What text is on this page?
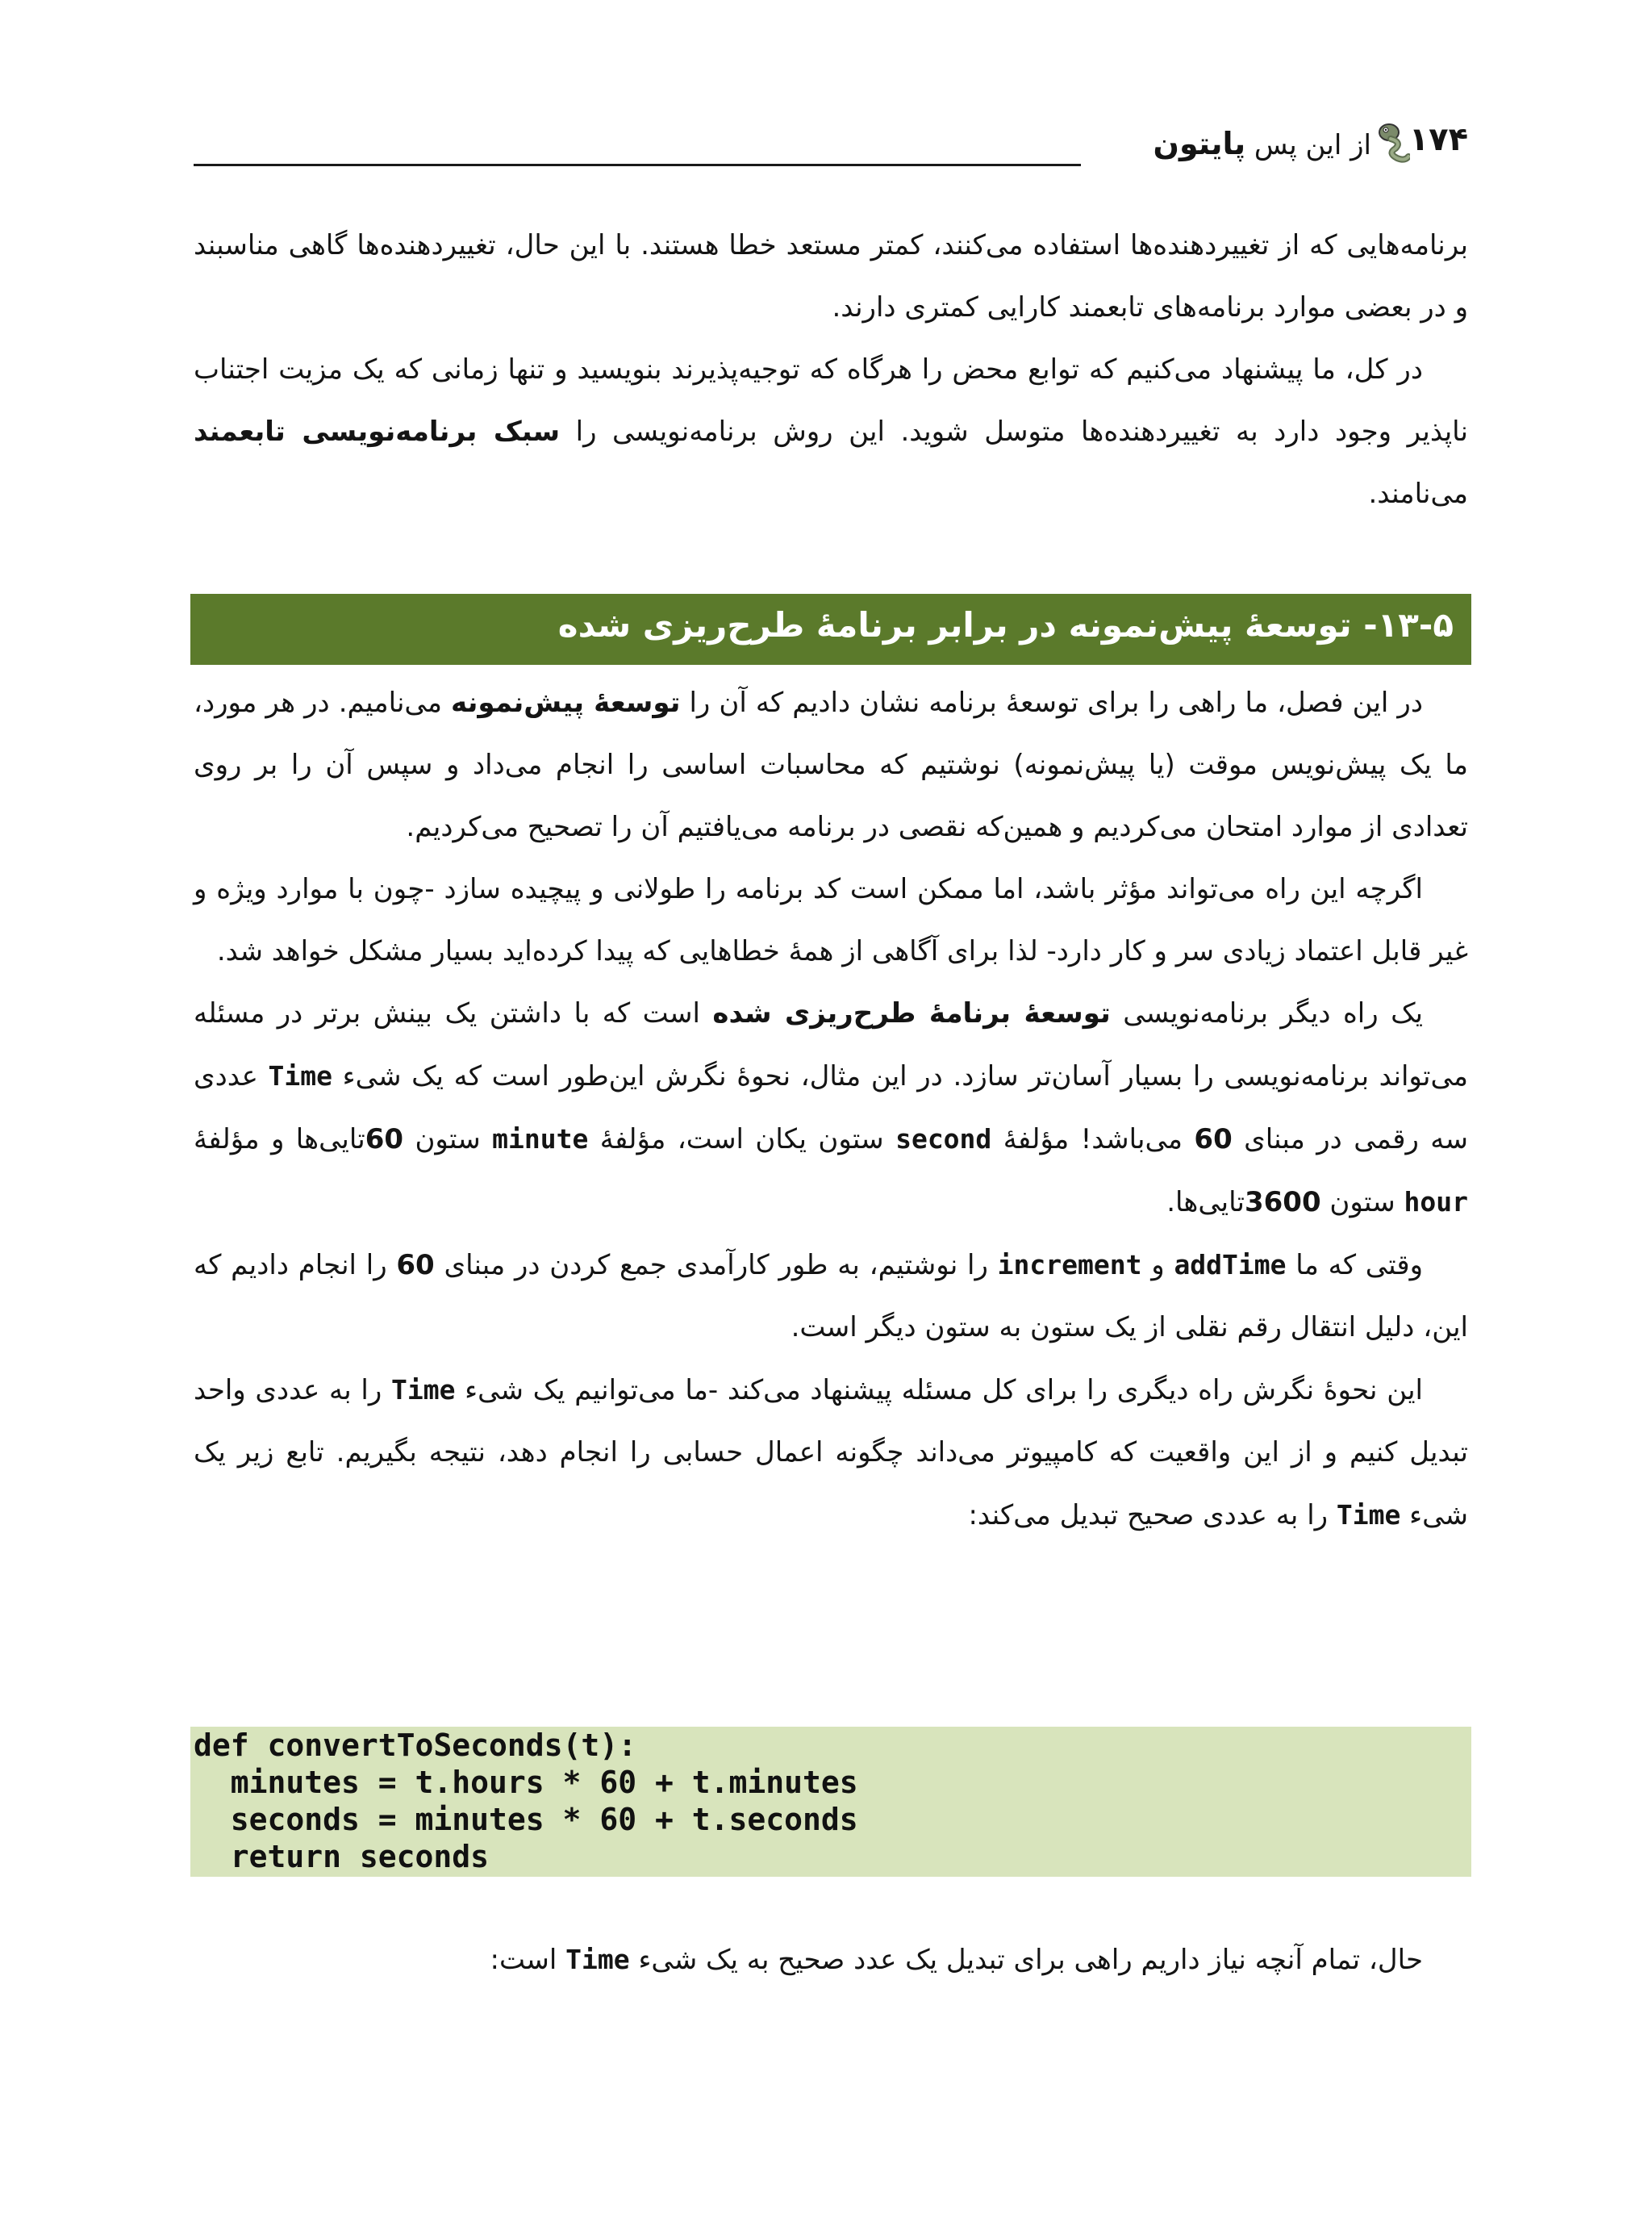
۱۷۴
از این پس پایتون

برنامه‌هایی که از تغییردهنده‌ها استفاده می‌کنند، کمتر مستعد خطا هستند. با این حال، تغییردهنده‌ها گاهی مناسبند و در بعضی موارد برنامه‌های تابعمند کارایی کمتری دارند.

در کل، ما پیشنهاد می‌کنیم که توابع محض را هرگاه که توجیه‌پذیرند بنویسید و تنها زمانی که یک مزیت اجتناب ناپذیر وجود دارد به تغییردهنده‌ها متوسل شوید. این روش برنامه‌نویسی را سبک برنامه‌نویسی تابعمند می‌نامند.

۱۳-۵- توسعهٔ پیش‌نمونه در برابر برنامهٔ طرح‌ریزی شده

در این فصل، ما راهی را برای توسعهٔ برنامه نشان دادیم که آن را توسعهٔ پیش‌نمونه می‌نامیم. در هر مورد، ما یک پیش‌نویس موقت (یا پیش‌نمونه) نوشتیم که محاسبات اساسی را انجام می‌داد و سپس آن را بر روی تعدادی از موارد امتحان می‌کردیم و همین‌که نقصی در برنامه می‌یافتیم آن را تصحیح می‌کردیم.

اگرچه این راه می‌تواند مؤثر باشد، اما ممکن است کد برنامه را طولانی و پیچیده سازد -چون با موارد ویژه و غیر قابل اعتماد زیادی سر و کار دارد- لذا برای آگاهی از همهٔ خطاهایی که پیدا کرده‌اید بسیار مشکل خواهد شد.

یک راه دیگر برنامه‌نویسی توسعهٔ برنامهٔ طرح‌ریزی شده است که با داشتن یک بینش برتر در مسئله می‌تواند برنامه‌نویسی را بسیار آسان‌تر سازد. در این مثال، نحوهٔ نگرش این‌طور است که یک شیء Time عددی سه رقمی در مبنای 60 می‌باشد! مؤلفهٔ second ستون یکان است، مؤلفهٔ minute ستون 60تایی‌ها و مؤلفهٔ hour ستون 3600تایی‌ها.

وقتی که ما addTime و increment را نوشتیم، به طور کارآمدی جمع کردن در مبنای 60 را انجام دادیم که این، دلیل انتقال رقم نقلی از یک ستون به ستون دیگر است.

این نحوهٔ نگرش راه دیگری را برای کل مسئله پیشنهاد می‌کند -ما می‌توانیم یک شیء Time را به عددی واحد تبدیل کنیم و از این واقعیت که کامپیوتر می‌داند چگونه اعمال حسابی را انجام دهد، نتیجه بگیریم. تابع زیر یک شیء Time را به عددی صحیح تبدیل می‌کند:

def convertToSeconds(t):
minutes = t.hours * 60 + t.minutes
seconds = minutes * 60 + t.seconds
return seconds

حال، تمام آنچه نیاز داریم راهی برای تبدیل یک عدد صحیح به یک شیء Time است:
